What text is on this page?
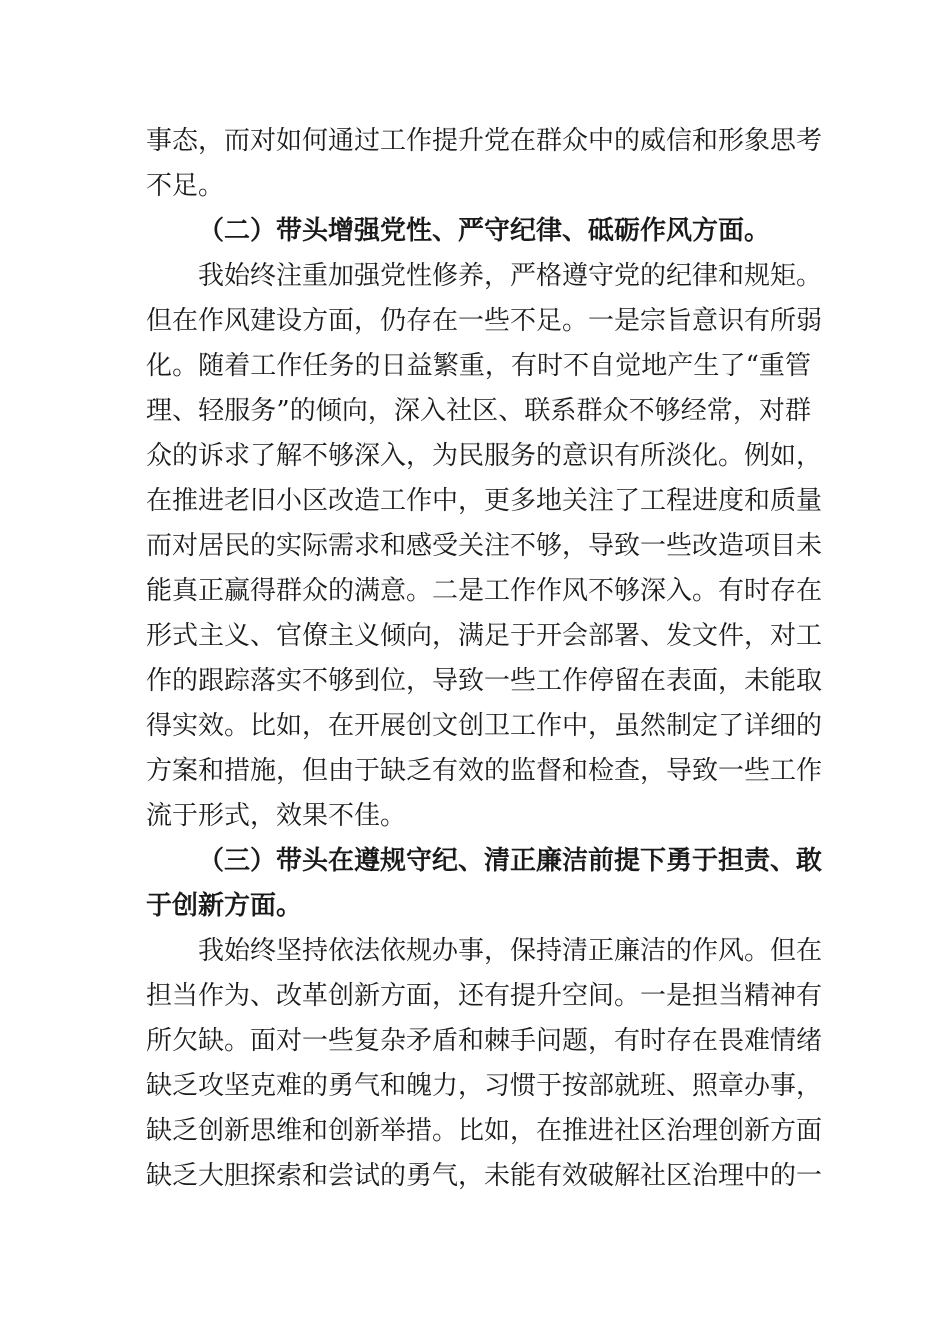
事态，而对如何通过工作提升党在群众中的威信和形象思考

不足。

（二）带头增强党性、严守纪律、砥砺作风方面。

我始终注重加强党性修养，严格遵守党的纪律和规矩。

但在作风建设方面，仍存在一些不足。一是宗旨意识有所弱

化。随着工作任务的日益繁重，有时不自觉地产生了“重管

理、轻服务”的倾向，深入社区、联系群众不够经常，对群

众的诉求了解不够深入，为民服务的意识有所淡化。例如，

在推进老旧小区改造工作中，更多地关注了工程进度和质量

而对居民的实际需求和感受关注不够，导致一些改造项目未

能真正赢得群众的满意。二是工作作风不够深入。有时存在

形式主义、官僚主义倾向，满足于开会部署、发文件，对工

作的跟踪落实不够到位，导致一些工作停留在表面，未能取

得实效。比如，在开展创文创卫工作中，虽然制定了详细的

方案和措施，但由于缺乏有效的监督和检查，导致一些工作

流于形式，效果不佳。

（三）带头在遵规守纪、清正廉洁前提下勇于担责、敢

于创新方面。

我始终坚持依法依规办事，保持清正廉洁的作风。但在

担当作为、改革创新方面，还有提升空间。一是担当精神有

所欠缺。面对一些复杂矛盾和棘手问题，有时存在畏难情绪

缺乏攻坚克难的勇气和魄力，习惯于按部就班、照章办事，

缺乏创新思维和创新举措。比如，在推进社区治理创新方面

缺乏大胆探索和尝试的勇气，未能有效破解社区治理中的一
